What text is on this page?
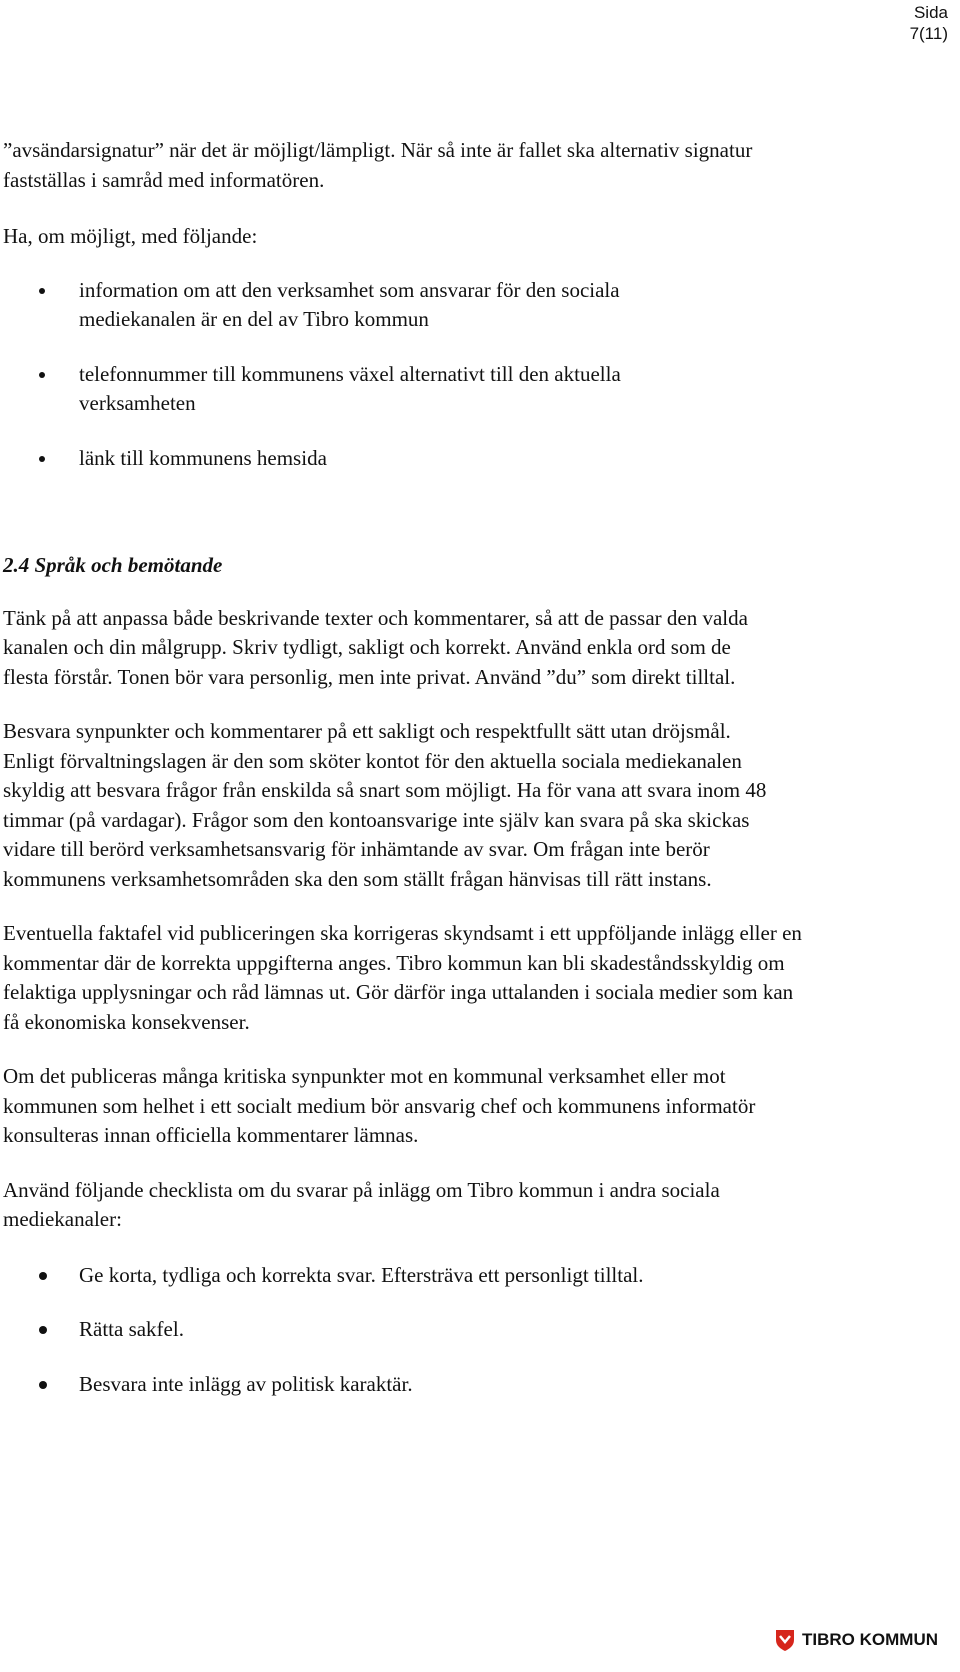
Sida
7(11)

”avsändarsignatur” när det är möjligt/lämpligt. När så inte är fallet ska alternativ signatur fastställas i samråd med informatören.

Ha, om möjligt, med följande:

information om att den verksamhet som ansvarar för den sociala mediekanalen är en del av Tibro kommun
telefonnummer till kommunens växel alternativt till den aktuella verksamheten
länk till kommunens hemsida

2.4 Språk och bemötande

Tänk på att anpassa både beskrivande texter och kommentarer, så att de passar den valda kanalen och din målgrupp. Skriv tydligt, sakligt och korrekt. Använd enkla ord som de flesta förstår. Tonen bör vara personlig, men inte privat. Använd ”du” som direkt tilltal.

Besvara synpunkter och kommentarer på ett sakligt och respektfullt sätt utan dröjsmål. Enligt förvaltningslagen är den som sköter kontot för den aktuella sociala mediekanalen skyldig att besvara frågor från enskilda så snart som möjligt. Ha för vana att svara inom 48 timmar (på vardagar). Frågor som den kontoansvarige inte själv kan svara på ska skickas vidare till berörd verksamhetsansvarig för inhämtande av svar. Om frågan inte berör kommunens verksamhetsområden ska den som ställt frågan hänvisas till rätt instans.

Eventuella faktafel vid publiceringen ska korrigeras skyndsamt i ett uppföljande inlägg eller en kommentar där de korrekta uppgifterna anges. Tibro kommun kan bli skadeståndsskyldig om felaktiga upplysningar och råd lämnas ut. Gör därför inga uttalanden i sociala medier som kan få ekonomiska konsekvenser.

Om det publiceras många kritiska synpunkter mot en kommunal verksamhet eller mot kommunen som helhet i ett socialt medium bör ansvarig chef och kommunens informatör konsulteras innan officiella kommentarer lämnas.

Använd följande checklista om du svarar på inlägg om Tibro kommun i andra sociala mediekanaler:

Ge korta, tydliga och korrekta svar. Eftersträva ett personligt tilltal.
Rätta sakfel.
Besvara inte inlägg av politisk karaktär.
TIBRO KOMMUN
